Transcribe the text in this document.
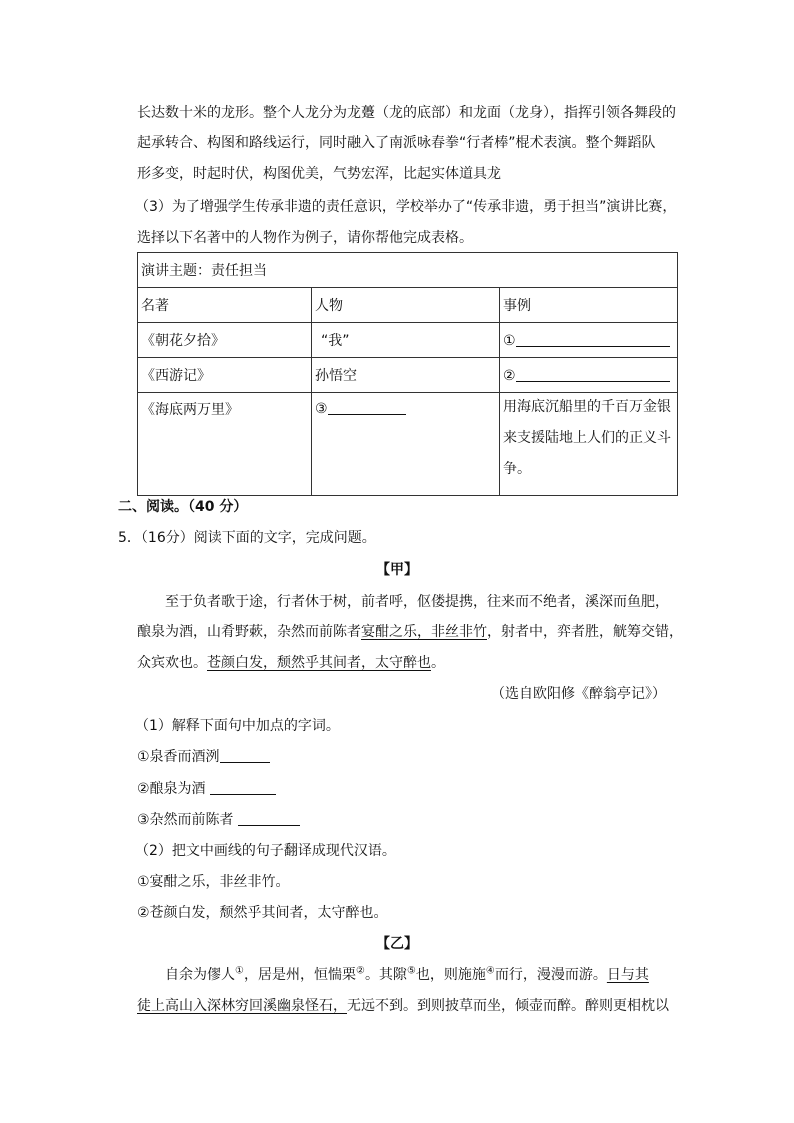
长达数十米的龙形。整个人龙分为龙躉（龙的底部）和龙面（龙身），指挥引领各舞段的
起承转合、构图和路线运行，同时融入了南派咏春拳“行者棒”棍术表演。整个舞蹈队
形多变，时起时伏，构图优美，气势宏浑，比起实体道具龙
（3）为了增强学生传承非遗的责任意识，学校举办了“传承非遗，勇于担当”演讲比赛，
选择以下名著中的人物作为例子，请你帮他完成表格。
演讲主题：责任担当		
名著	人物	事例
《朝花夕拾》	“我”	①
《西游记》	孙悟空	②
《海底两万里》	③	用海底沉船里的千百万金银来支援陆地上人们的正义斗争。
二、阅读。（40 分）
5．（16分）阅读下面的文字，完成问题。
【甲】
至于负者歌于途，行者休于树，前者呼，伛偻提携，往来而不绝者，溪深而鱼肥，
酿泉为酒，山肴野蔌，杂然而前陈者宴酣之乐，非丝非竹，射者中，弈者胜，觥筹交错，
众宾欢也。苍颜白发，颓然乎其间者，太守醉也。
（选自欧阳修《醉翁亭记》）
（1）解释下面句中加点的字词。
①泉香而酒洌
②酿泉为酒
③杂然而前陈者
（2）把文中画线的句子翻译成现代汉语。
①宴酣之乐，非丝非竹。
②苍颜白发，颓然乎其间者，太守醉也。
【乙】
自余为僇人①，居是州，恒惴栗②。其隙⑤也，则施施④而行，漫漫而游。日与其
徒上高山入深林穷回溪幽泉怪石，无远不到。到则披草而坐，倾壶而醉。醉则更相枕以
